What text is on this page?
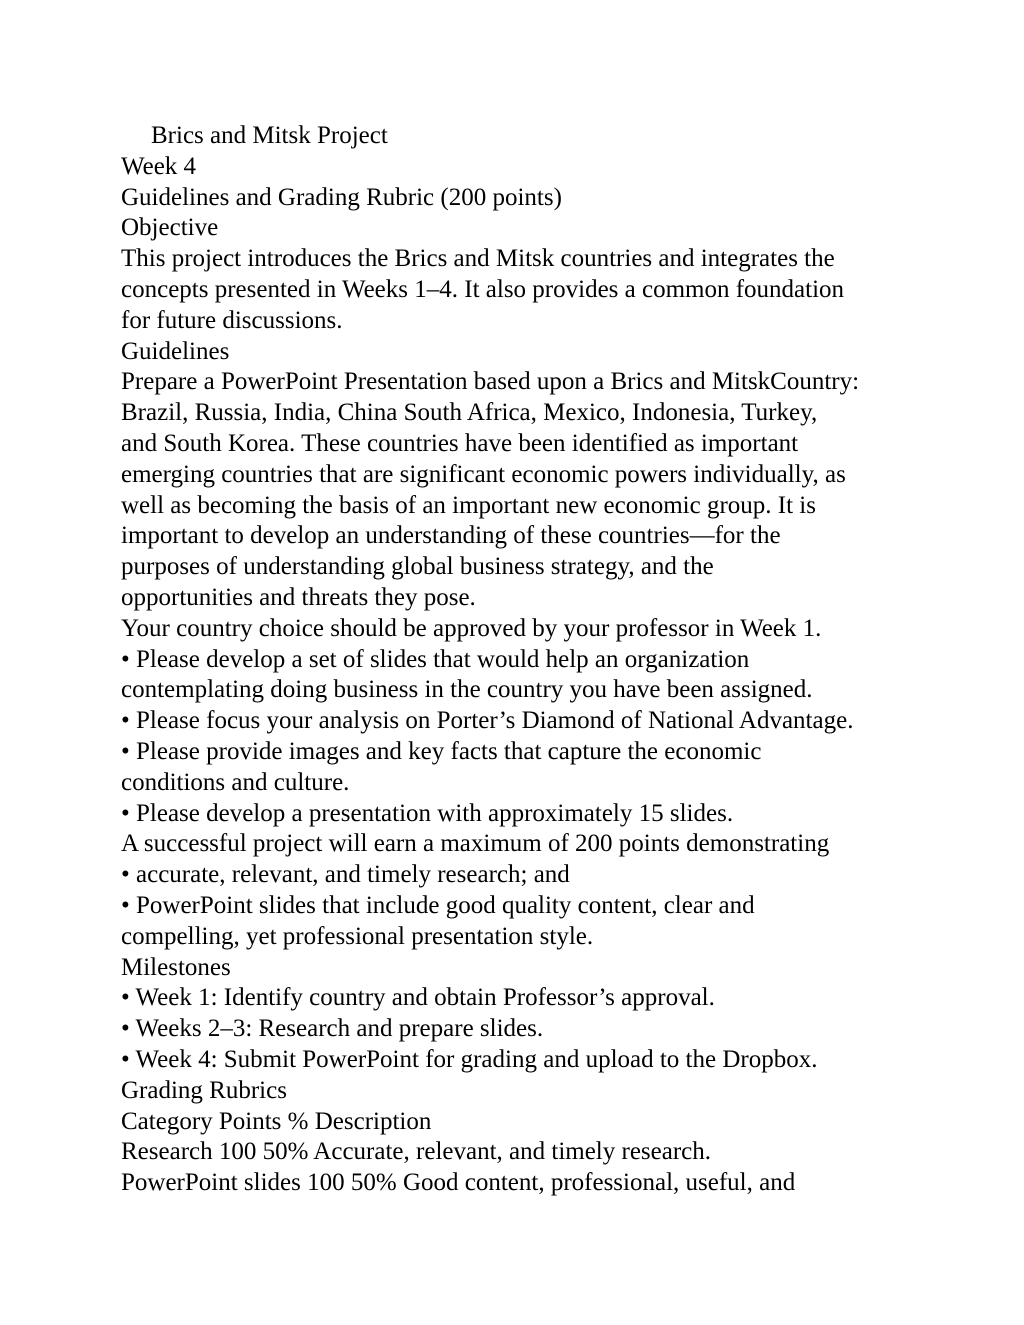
Brics and Mitsk Project
Week 4
Guidelines and Grading Rubric (200 points)
Objective
This project introduces the Brics and Mitsk countries and integrates the
concepts presented in Weeks 1–4. It also provides a common foundation
for future discussions.
Guidelines
Prepare a PowerPoint Presentation based upon a Brics and MitskCountry:
Brazil, Russia, India, China South Africa, Mexico, Indonesia, Turkey,
and South Korea. These countries have been identified as important
emerging countries that are significant economic powers individually, as
well as becoming the basis of an important new economic group. It is
important to develop an understanding of these countries—for the
purposes of understanding global business strategy, and the
opportunities and threats they pose.
Your country choice should be approved by your professor in Week 1.
• Please develop a set of slides that would help an organization
contemplating doing business in the country you have been assigned.
• Please focus your analysis on Porter’s Diamond of National Advantage.
• Please provide images and key facts that capture the economic
conditions and culture.
• Please develop a presentation with approximately 15 slides.
A successful project will earn a maximum of 200 points demonstrating
• accurate, relevant, and timely research; and
• PowerPoint slides that include good quality content, clear and
compelling, yet professional presentation style.
Milestones
• Week 1: Identify country and obtain Professor’s approval.
• Weeks 2–3: Research and prepare slides.
• Week 4: Submit PowerPoint for grading and upload to the Dropbox.
Grading Rubrics
Category Points % Description
Research 100 50% Accurate, relevant, and timely research.
PowerPoint slides 100 50% Good content, professional, useful, and
